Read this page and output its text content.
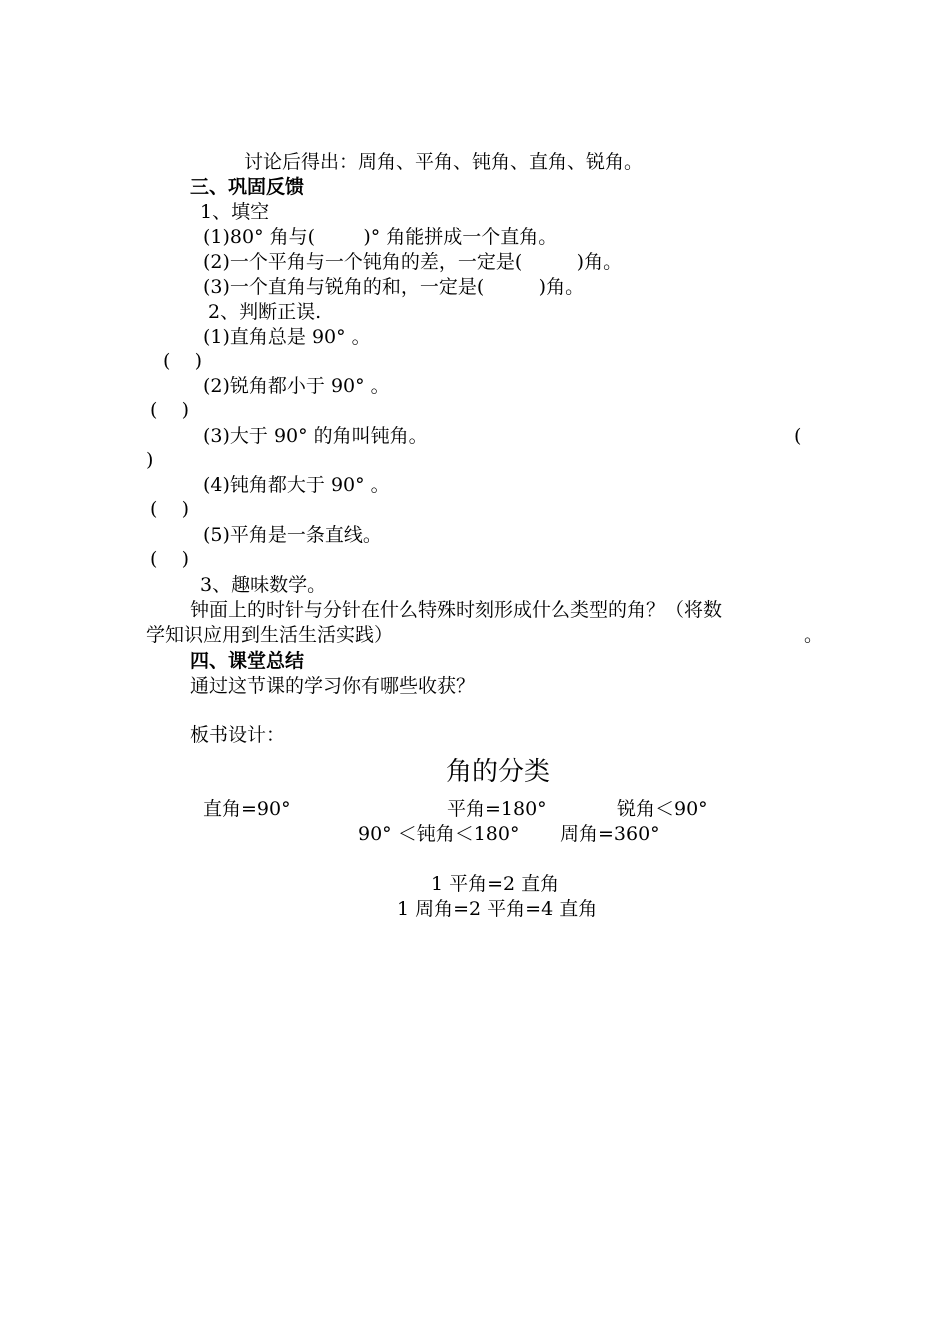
讨论后得出：周角、平角、钝角、直角、锐角。
三、巩固反馈
1、填空
(1)80° 角与(        )° 角能拼成一个直角。
(2)一个平角与一个钝角的差，一定是(         )角。
(3)一个直角与锐角的和，一定是(         )角。
2、判断正误.
(1)直角总是 90° 。
(    )
(2)锐角都小于 90° 。
(    )
(3)大于 90° 的角叫钝角。	(
)
(4)钝角都大于 90° 。
(    )
(5)平角是一条直线。
(    )
3、趣味数学。
钟面上的时针与分针在什么特殊时刻形成什么类型的角？（将数
学知识应用到生活生活实践）	。
四、课堂总结
通过这节课的学习你有哪些收获？
板书设计：
角的分类
直角=90°	平角=180°	锐角＜90°
90° ＜钝角＜180° 周角=360°
1 平角=2 直角
1 周角=2 平角=4 直角
